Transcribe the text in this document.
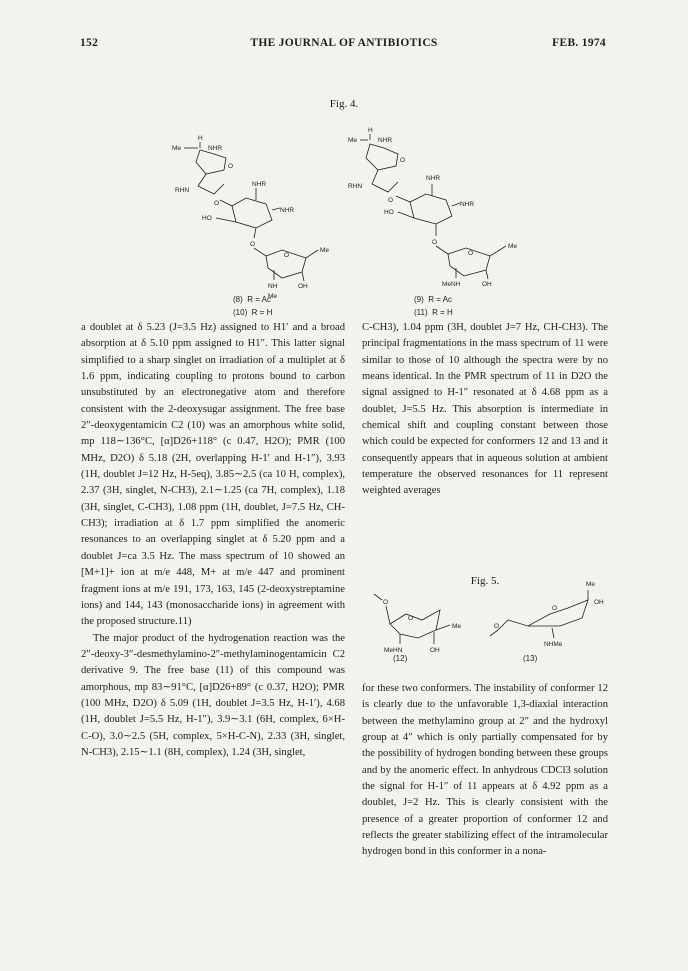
152	THE JOURNAL OF ANTIBIOTICS	FEB. 1974
Fig. 4.
H
Me	NHR
O
RHN
O
NHR
HO
NHR
O
O
Me
NH	OH
Me
H
Me	NHR
O
RHN
O
NHR
HO
NHR
O
O
Me
MeNH	OH
(8)  R = Ac
(10)  R = H
(9)  R = Ac
(11)  R = H
Fig. 5.
O
O
Me
MeHN	OH
Me
OH
O
O
NHMe
(12)	(13)

a doublet at δ 5.23 (J=3.5 Hz) assigned to H1′ and a broad absorption at δ 5.10 ppm assigned to H1″. This latter signal simplified to a sharp singlet on irradiation of a multiplet at δ 1.6 ppm, indicating coupling to protons bound to carbon unsubstituted by an electronegative atom and therefore consistent with the 2-deoxysugar assignment. The free base 2″-deoxygentamicin C2 (10) was an amorphous white solid, mp 118∼136°C, [α]D26+118° (c 0.47, H2O); PMR (100 MHz, D2O) δ 5.18 (2H, overlapping H-1′ and H-1″), 3.93 (1H, doublet J=12 Hz, H-5eq), 3.85∼2.5 (ca 10 H, complex), 2.37 (3H, singlet, N-CH3), 2.1∼1.25 (ca 7H, complex), 1.18 (3H, singlet, C-CH3), 1.08 ppm (1H, doublet, J=7.5 Hz, CH-CH3); irradiation at δ 1.7 ppm simplified the anomeric resonances to an overlapping singlet at δ 5.20 ppm and a doublet J=ca 3.5 Hz. The mass spectrum of 10 showed an [M+1]+ ion at m/e 448, M+ at m/e 447 and prominent fragment ions at m/e 191, 173, 163, 145 (2-deoxystreptamine ions) and 144, 143 (monosaccharide ions) in agreement with the proposed structure.11)

The major product of the hydrogenation reaction was the 2″-deoxy-3″-desmethylamino-2″-methylaminogentamicin C2 derivative 9. The free base (11) of this compound was amorphous, mp 83∼91°C, [α]D26+89° (c 0.37, H2O); PMR (100 MHz, D2O) δ 5.09 (1H, doublet J=3.5 Hz, H-1′), 4.68 (1H, doublet J=5.5 Hz, H-1″), 3.9∼3.1 (6H, complex, 6×H-C-O), 3.0∼2.5 (5H, complex, 5×H-C-N), 2.33 (3H, singlet, N-CH3), 2.15∼1.1 (8H, complex), 1.24 (3H, singlet,

C-CH3), 1.04 ppm (3H, doublet J=7 Hz, CH-CH3). The principal fragmentations in the mass spectrum of 11 were similar to those of 10 although the spectra were by no means identical. In the PMR spectrum of 11 in D2O the signal assigned to H-1″ resonated at δ 4.68 ppm as a doublet, J=5.5 Hz. This absorption is intermediate in chemical shift and coupling constant between those which could be expected for conformers 12 and 13 and it consequently appears that in aqueous solution at ambient temperature the observed resonances for 11 represent weighted averages

for these two conformers. The instability of conformer 12 is clearly due to the unfavorable 1,3-diaxial interaction between the methylamino group at 2″ and the hydroxyl group at 4″ which is only partially compensated for by the possibility of hydrogen bonding between these groups and by the anomeric effect. In anhydrous CDCl3 solution the signal for H-1″ of 11 appears at δ 4.92 ppm as a doublet, J=2 Hz. This is clearly consistent with the presence of a greater proportion of conformer 12 and reflects the greater stabilizing effect of the intramolecular hydrogen bond in this conformer in a nona-
